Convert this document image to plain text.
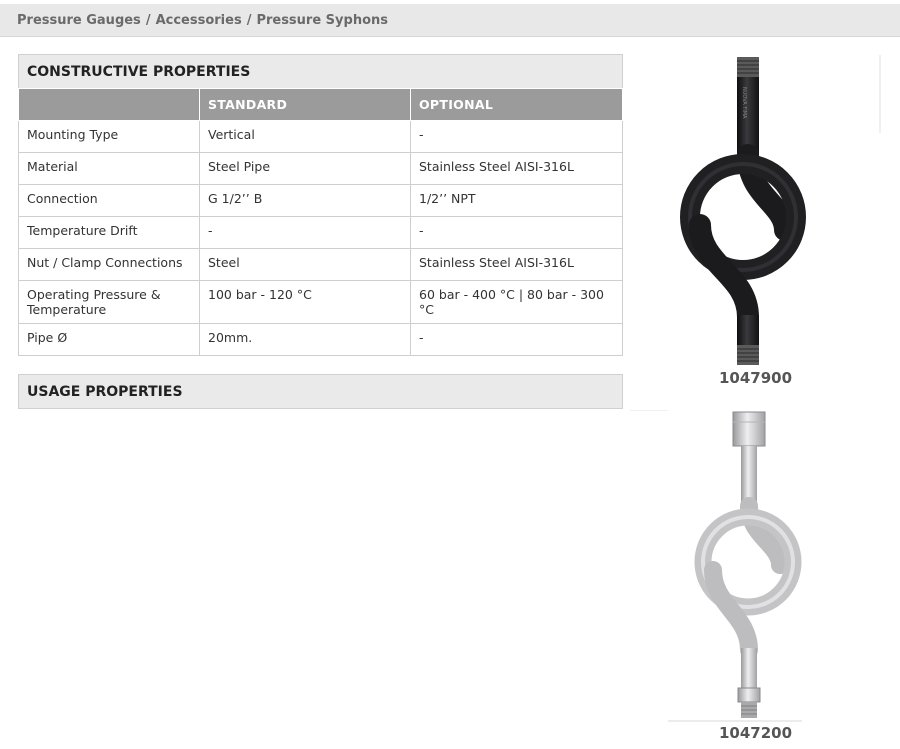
Pressure Gauges / Accessories / Pressure Syphons
CONSTRUCTIVE PROPERTIES
	STANDARD	OPTIONAL
Mounting Type	Vertical	-
Material	Steel Pipe	Stainless Steel AISI-316L
Connection	G 1/2’’ B	1/2’’ NPT
Temperature Drift	-	-
Nut / Clamp Connections	Steel	Stainless Steel AISI-316L
Operating Pressure & Temperature	100 bar - 120 °C	60 bar - 400 °C | 80 bar - 300 °C
Pipe Ø	20mm.	-
USAGE PROPERTIES
NUOVA FIMA
1047900
1047200
